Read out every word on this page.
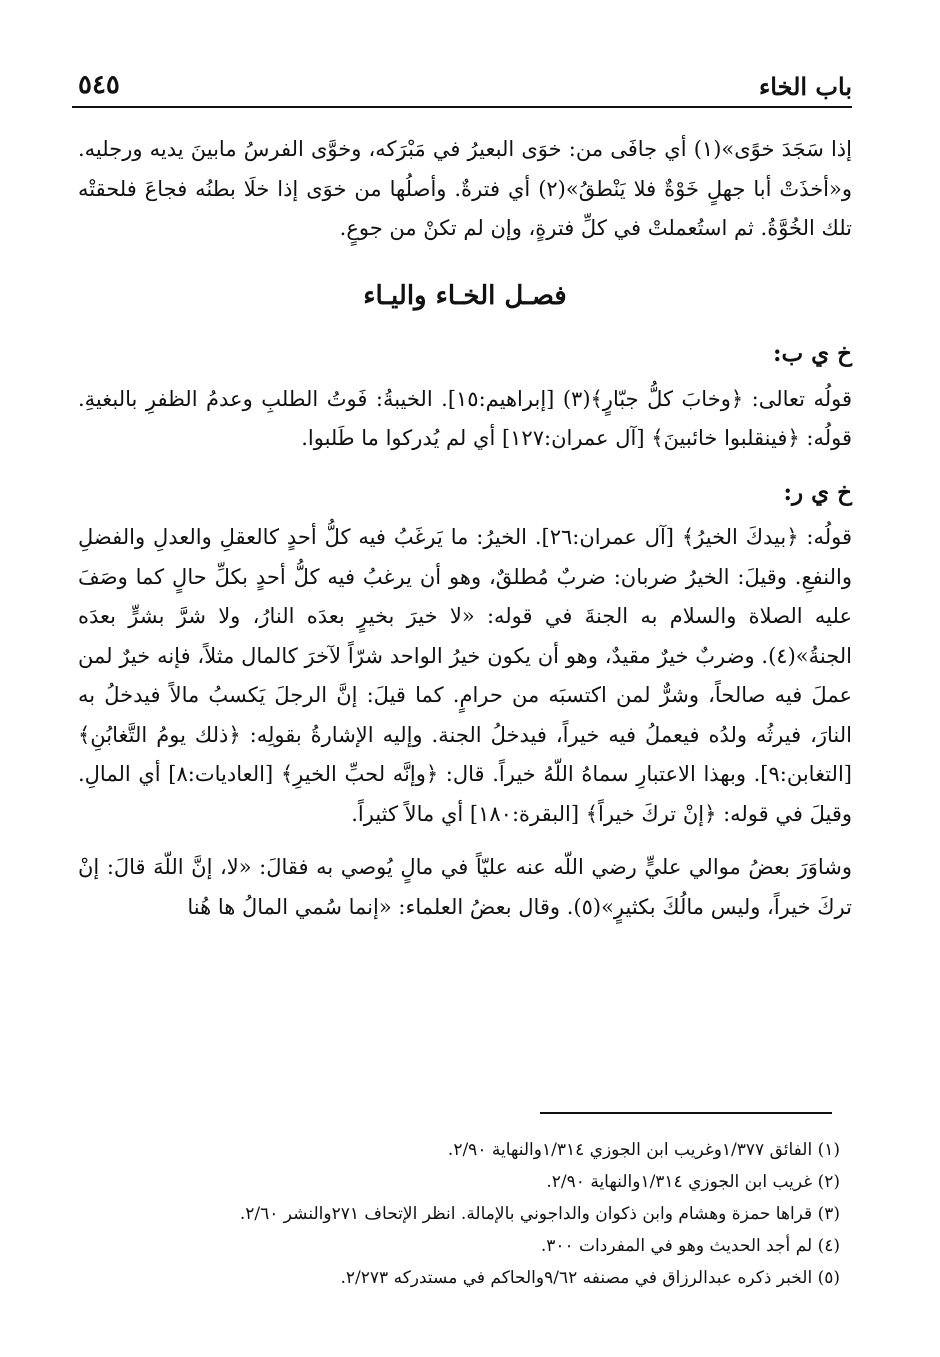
٥٤٥	باب الخاء

إذا سَجَدَ خوًى»(١) أي جافَى من: خوَى البعيرُ في مَبْرَكه، وخوَّى الفرسُ مابينَ يديه ورجليه. و«أخذَتْ أبا جهلٍ خَوْةٌ فلا يَنْطقُ»(٢) أي فترةٌ. وأصلُها من خوَى إذا خلَا بطنُه فجاعَ فلحقتْه تلك الخُوَّةُ. ثم استُعملتْ في كلِّ فترةٍ، وإن لم تكنْ من جوعٍ.

فصـل الخـاء واليـاء
خ ي ب:

قولُه تعالى: ﴿وخابَ كلُّ جبّارٍ﴾(٣) [إبراهيم:١٥]. الخيبةُ: فَوتُ الطلبِ وعدمُ الظفرِ بالبغيةِ. قولُه: ﴿فينقلبوا خائبينَ﴾ [آل عمران:١٢٧] أي لم يُدركوا ما طَلبوا.

خ ي ر:

قولُه: ﴿بيدكَ الخيرُ﴾ [آل عمران:٢٦]. الخيرُ: ما يَرغَبُ فيه كلُّ أحدٍ كالعقلِ والعدلِ والفضلِ والنفعِ. وقيلَ: الخيرُ ضربان: ضربٌ مُطلقٌ، وهو أن يرغبُ فيه كلُّ أحدٍ بكلِّ حالٍ كما وصَفَ عليه الصلاة والسلام به الجنةَ في قوله: «لا خيرَ بخيرٍ بعدَه النارُ، ولا شرَّ بشرٍّ بعدَه الجنةُ»(٤). وضربٌ خيرٌ مقيدٌ، وهو أن يكون خيرُ الواحد شرّاً لآخرَ كالمال مثلاً، فإنه خيرٌ لمن عملَ فيه صالحاً، وشرٌّ لمن اكتسبَه من حرامٍ. كما قيلَ: إنَّ الرجلَ يَكسبُ مالاً فيدخلُ به النارَ، فيرثُه ولدُه فيعملُ فيه خيراً، فيدخلُ الجنة. وإليه الإشارةُ بقولِه: ﴿ذلك يومُ التَّغابُنِ﴾ [التغابن:٩]. وبهذا الاعتبارِ سماهُ اللّهُ خيراً. قال: ﴿وإنَّه لحبِّ الخيرِ﴾ [العاديات:٨] أي المالِ. وقيلَ في قوله: ﴿إنْ تركَ خيراً﴾ [البقرة:١٨٠] أي مالاً كثيراً.

وشاوَرَ بعضُ موالي عليٍّ رضي اللّه عنه عليّاً في مالٍ يُوصي به فقالَ: «لا، إنَّ اللّهَ قالَ: إنْ تركَ خيراً، وليس مالُكَ بكثيرٍ»(٥). وقال بعضُ العلماء: «إنما سُمي المالُ ها هُنا

(١) الفائق ١/٣٧٧وغريب ابن الجوزي ١/٣١٤والنهاية ٢/٩٠.
(٢) غريب ابن الجوزي ١/٣١٤والنهاية ٢/٩٠.
(٣) قراها حمزة وهشام وابن ذكوان والداجوني بالإمالة. انظر الإتحاف ٢٧١والنشر ٢/٦٠.
(٤) لم أجد الحديث وهو في المفردات ٣٠٠.
(٥) الخبر ذكره عبدالرزاق في مصنفه ٩/٦٢والحاكم في مستدركه ٢/٢٧٣.
